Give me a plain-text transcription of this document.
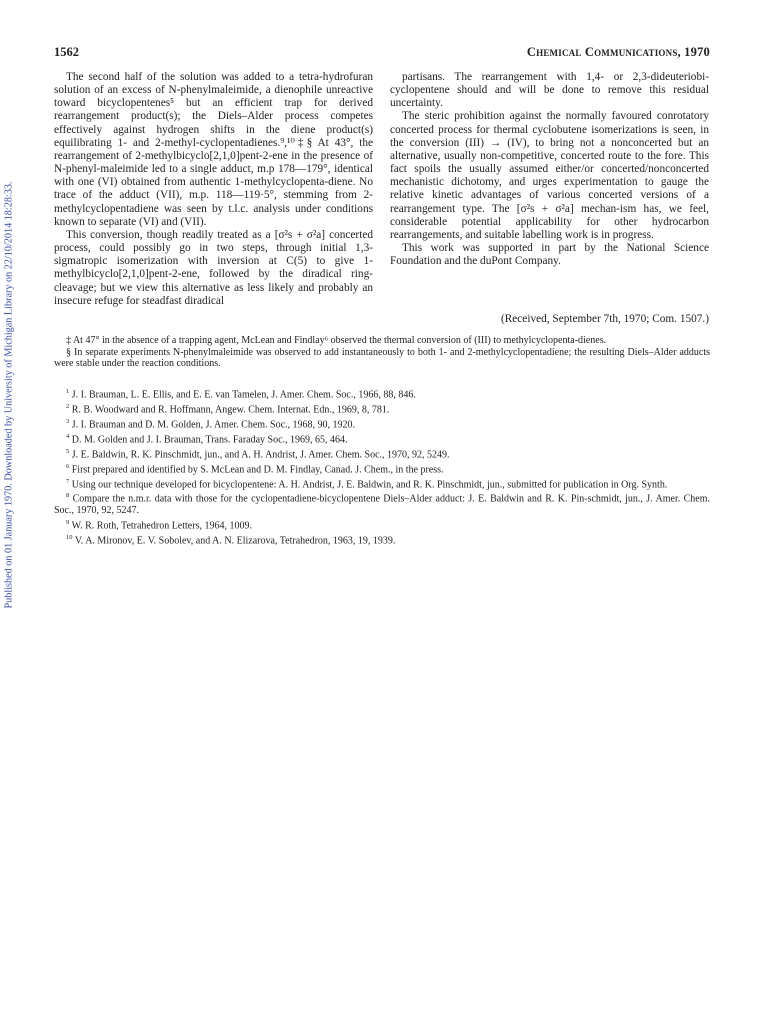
Published on 01 January 1970. Downloaded by University of Michigan Library on 22/10/2014 18:28:33.
1562	Chemical Communications, 1970

The second half of the solution was added to a tetra-hydrofuran solution of an excess of N-phenylmaleimide, a dienophile unreactive toward bicyclopentenes⁵ but an efficient trap for derived rearrangement product(s); the Diels–Alder process competes effectively against hydrogen shifts in the diene product(s) equilibrating 1- and 2-methyl-cyclopentadienes.⁹,¹⁰‡§ At 43°, the rearrangement of 2-methylbicyclo[2,1,0]pent-2-ene in the presence of N-phenyl-maleimide led to a single adduct, m.p 178—179°, identical with one (VI) obtained from authentic 1-methylcyclopenta-diene. No trace of the adduct (VII), m.p. 118—119·5°, stemming from 2-methylcyclopentadiene was seen by t.l.c. analysis under conditions known to separate (VI) and (VII).

This conversion, though readily treated as a [σ²s + σ²a] concerted process, could possibly go in two steps, through initial 1,3-sigmatropic isomerization with inversion at C(5) to give 1-methylbicyclo[2,1,0]pent-2-ene, followed by the diradical ring-cleavage; but we view this alternative as less likely and probably an insecure refuge for steadfast diradical

partisans. The rearrangement with 1,4- or 2,3-dideuteriobi-cyclopentene should and will be done to remove this residual uncertainty.

The steric prohibition against the normally favoured conrotatory concerted process for thermal cyclobutene isomerizations is seen, in the conversion (III) → (IV), to bring not a nonconcerted but an alternative, usually non-competitive, concerted route to the fore. This fact spoils the usually assumed either/or concerted/nonconcerted mechanistic dichotomy, and urges experimentation to gauge the relative kinetic advantages of various concerted versions of a rearrangement type. The [σ²s + σ²a] mechan-ism has, we feel, considerable potential applicability for other hydrocarbon rearrangements, and suitable labelling work is in progress.

This work was supported in part by the National Science Foundation and the duPont Company.

(Received, September 7th, 1970; Com. 1507.)

‡ At 47° in the absence of a trapping agent, McLean and Findlay⁶ observed the thermal conversion of (III) to methylcyclopenta-dienes.

§ In separate experiments N-phenylmaleimide was observed to add instantaneously to both 1- and 2-methylcyclopentadiene; the resulting Diels–Alder adducts were stable under the reaction conditions.

$^1$ J. I. Brauman, L. E. Ellis, and E. E. van Tamelen, J. Amer. Chem. Soc., 1966, 88, 846.

$^2$ R. B. Woodward and R. Hoffmann, Angew. Chem. Internat. Edn., 1969, 8, 781.

$^3$ J. I. Brauman and D. M. Golden, J. Amer. Chem. Soc., 1968, 90, 1920.

$^4$ D. M. Golden and J. I. Brauman, Trans. Faraday Soc., 1969, 65, 464.

$^5$ J. E. Baldwin, R. K. Pinschmidt, jun., and A. H. Andrist, J. Amer. Chem. Soc., 1970, 92, 5249.

$^6$ First prepared and identified by S. McLean and D. M. Findlay, Canad. J. Chem., in the press.

$^7$ Using our technique developed for bicyclopentene: A. H. Andrist, J. E. Baldwin, and R. K. Pinschmidt, jun., submitted for publication in Org. Synth.

$^8$ Compare the n.m.r. data with those for the cyclopentadiene-bicyclopentene Diels–Alder adduct: J. E. Baldwin and R. K. Pin-schmidt, jun., J. Amer. Chem. Soc., 1970, 92, 5247.

$^9$ W. R. Roth, Tetrahedron Letters, 1964, 1009.

$^{10}$ V. A. Mironov, E. V. Sobolev, and A. N. Elizarova, Tetrahedron, 1963, 19, 1939.
